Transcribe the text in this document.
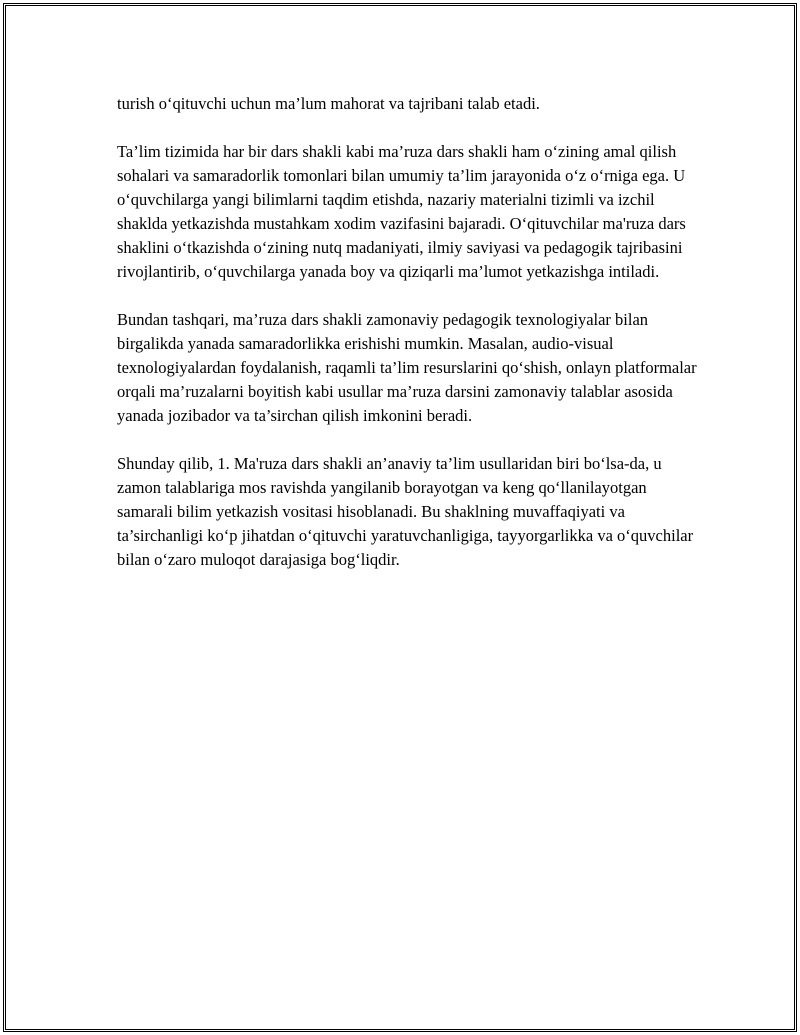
turish o‘qituvchi uchun ma’lum mahorat va tajribani talab etadi.

Ta’lim tizimida har bir dars shakli kabi ma’ruza dars shakli ham o‘zining amal qilish sohalari va samaradorlik tomonlari bilan umumiy ta’lim jarayonida o‘z o‘rniga ega. U o‘quvchilarga yangi bilimlarni taqdim etishda, nazariy materialni tizimli va izchil shaklda yetkazishda mustahkam xodim vazifasini bajaradi. O‘qituvchilar ma'ruza dars shaklini o‘tkazishda o‘zining nutq madaniyati, ilmiy saviyasi va pedagogik tajribasini rivojlantirib, o‘quvchilarga yanada boy va qiziqarli ma’lumot yetkazishga intiladi.

Bundan tashqari, ma’ruza dars shakli zamonaviy pedagogik texnologiyalar bilan birgalikda yanada samaradorlikka erishishi mumkin. Masalan, audio-visual texnologiyalardan foydalanish, raqamli ta’lim resurslarini qo‘shish, onlayn platformalar orqali ma’ruzalarni boyitish kabi usullar ma’ruza darsini zamonaviy talablar asosida yanada jozibador va ta’sirchan qilish imkonini beradi.

Shunday qilib, 1. Ma'ruza dars shakli an’anaviy ta’lim usullaridan biri bo‘lsa-da, u zamon talablariga mos ravishda yangilanib borayotgan va keng qo‘llanilayotgan samarali bilim yetkazish vositasi hisoblanadi. Bu shaklning muvaffaqiyati va ta’sirchanligi ko‘p jihatdan o‘qituvchi yaratuvchanligiga, tayyorgarlikka va o‘quvchilar bilan o‘zaro muloqot darajasiga bog‘liqdir.
